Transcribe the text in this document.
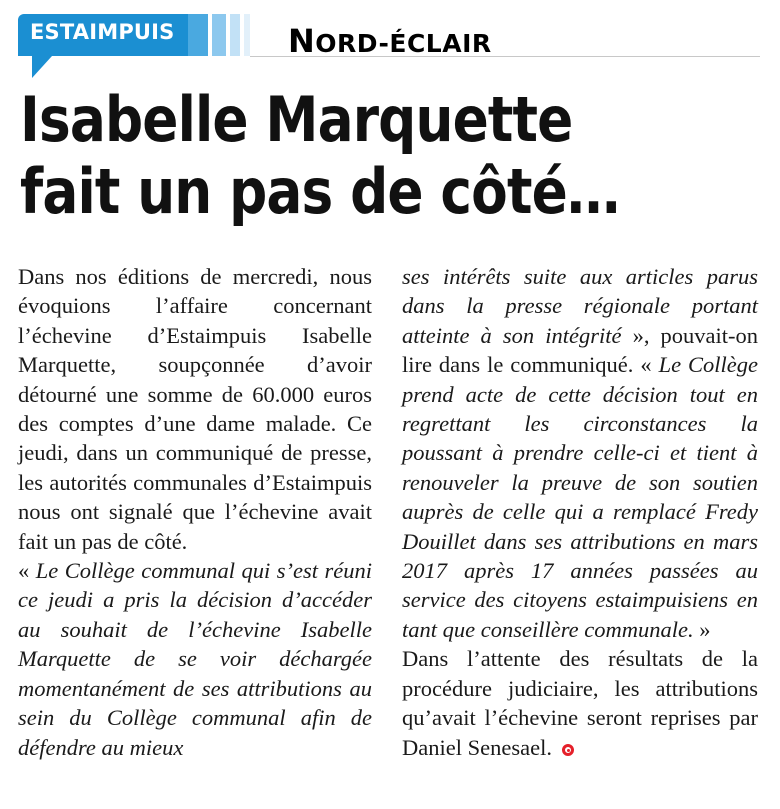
ESTAIMPUIS	NORD-ÉCLAIR
Isabelle Marquette
fait un pas de côté…

Dans nos éditions de mercredi, nous évoquions l’affaire concernant l’échevine d’Estaimpuis Isabelle Marquette, soupçonnée d’avoir détourné une somme de 60.000 euros des comptes d’une dame malade. Ce jeudi, dans un communiqué de presse, les autorités communales d’Estaimpuis nous ont signalé que l’échevine avait fait un pas de côté.

« Le Collège communal qui s’est réuni ce jeudi a pris la décision d’accéder au souhait de l’échevine Isabelle Marquette de se voir déchargée momentanément de ses attributions au sein du Collège communal afin de défendre au mieux

ses intérêts suite aux articles parus dans la presse régionale portant atteinte à son intégrité », pouvait-on lire dans le communiqué. « Le Collège prend acte de cette décision tout en regrettant les circonstances la poussant à prendre celle-ci et tient à renouveler la preuve de son soutien auprès de celle qui a remplacé Fredy Douillet dans ses attributions en mars 2017 après 17 années passées au service des citoyens estaimpuisiens en tant que conseillère communale. »

Dans l’attente des résultats de la procédure judiciaire, les attributions qu’avait l’échevine seront reprises par Daniel Senesael.
